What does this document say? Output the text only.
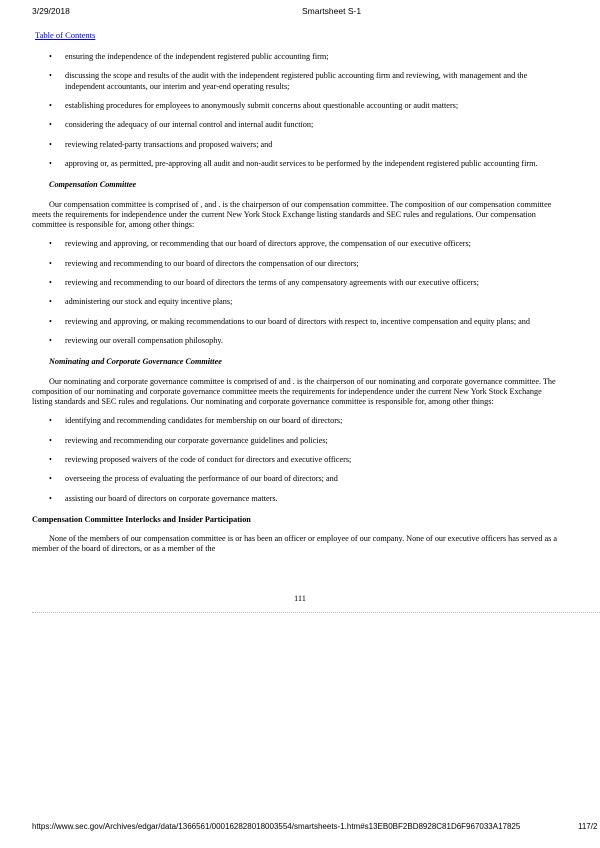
3/29/2018	Smartsheet S-1
Table of Contents
• ensuring the independence of the independent registered public accounting firm;
• discussing the scope and results of the audit with the independent registered public accounting firm and reviewing, with management and the independent accountants, our interim and year-end operating results;
• establishing procedures for employees to anonymously submit concerns about questionable accounting or audit matters;
• considering the adequacy of our internal control and internal audit function;
• reviewing related-party transactions and proposed waivers; and
• approving or, as permitted, pre-approving all audit and non-audit services to be performed by the independent registered public accounting firm.
Compensation Committee

Our compensation committee is comprised of , and . is the chairperson of our compensation committee. The composition of our compensation committee meets the requirements for independence under the current New York Stock Exchange listing standards and SEC rules and regulations. Our compensation committee is responsible for, among other things:

• reviewing and approving, or recommending that our board of directors approve, the compensation of our executive officers;
• reviewing and recommending to our board of directors the compensation of our directors;
• reviewing and recommending to our board of directors the terms of any compensatory agreements with our executive officers;
• administering our stock and equity incentive plans;
• reviewing and approving, or making recommendations to our board of directors with respect to, incentive compensation and equity plans; and
• reviewing our overall compensation philosophy.
Nominating and Corporate Governance Committee

Our nominating and corporate governance committee is comprised of and . is the chairperson of our nominating and corporate governance committee. The composition of our nominating and corporate governance committee meets the requirements for independence under the current New York Stock Exchange listing standards and SEC rules and regulations. Our nominating and corporate governance committee is responsible for, among other things:

• identifying and recommending candidates for membership on our board of directors;
• reviewing and recommending our corporate governance guidelines and policies;
• reviewing proposed waivers of the code of conduct for directors and executive officers;
• overseeing the process of evaluating the performance of our board of directors; and
• assisting our board of directors on corporate governance matters.
Compensation Committee Interlocks and Insider Participation

None of the members of our compensation committee is or has been an officer or employee of our company. None of our executive officers has served as a member of the board of directors, or as a member of the

111
https://www.sec.gov/Archives/edgar/data/1366561/000162828018003554/smartsheets-1.htm#s13EB0BF2BD8928C81D6F967033A17825	117/2
